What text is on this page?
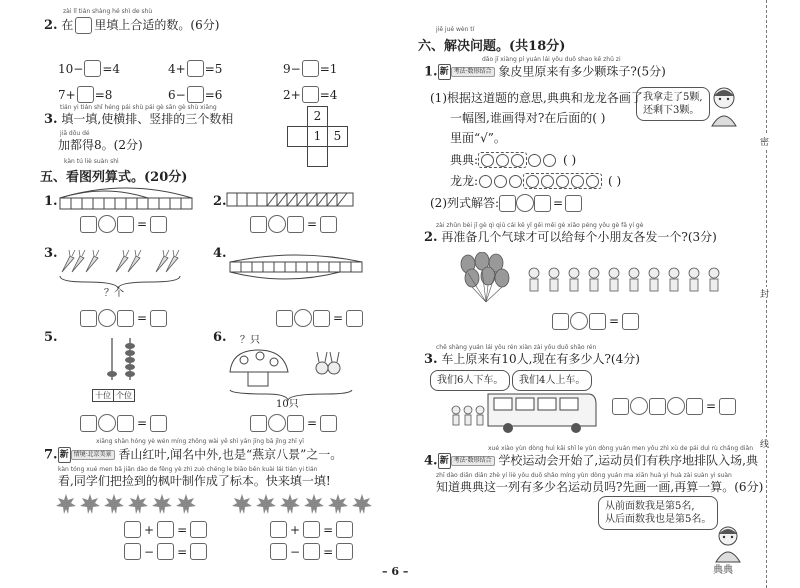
zài lǐ tián shàng hé shì de shù
2. 在 里填上合适的数。(6分)
10− =4	4+ =5	9− =1
7+ =8	6− =6	2+ =4
tián yi tián shǐ héng pái shù pái gè sān gè shù xiāng
3. 填一填,使横排、竖排的三个数相
jiā dōu dé
加都得8。(2分)
2
1	5
kàn tú liè suàn shì
五、看图列算式。(20分)
1.
=
2.
=
3.
？个
=
4.
=
5.
十位 个位
=
6. ？只
10只
=
xiāng shān hóng yè wén míng zhōng wài yě shì yān jīng bā jǐng zhī yī
7. 新 情境·北京美景 香山红叶,闻名中外,也是“燕京八景”之一。
kàn tóng xué men bǎ jiǎn dào de fēng yè zhì zuò chéng le biāo běn kuài lái tián yi tián
看,同学们把捡到的枫叶制作成了标本。快来填一填!
+ =
− =
+ =
− =
jiě jué wèn tí
六、解决问题。(共18分)
dǎo jī xiàng pí yuán lái yǒu duō shao kē zhū zi
1. 新 考法·数形结合 象皮里原来有多少颗珠子?(5分)
我拿走了5颗,
还剩下3颗。
(1)根据这道题的意思,典典和龙龙各画了
一幅图,谁画得对?在后面的( )
里面“√”。
典典:	( )
龙龙:	( )
(2)列式解答:	=
zài zhǔn bèi jǐ gè qì qiú cái kě yǐ gěi měi gè xiǎo péng yǒu gè fā yí gè
2. 再准备几个气球才可以给每个小朋友各发一个?(3分)
=
chē shàng yuán lái yǒu rén xiàn zài yǒu duō shǎo rén
3. 车上原来有10人,现在有多少人?(4分)
我们6人下车。	我们4人上车。
=
xué xiào yùn dòng huì kāi shǐ le yùn dòng yuán men yǒu zhì xù de pái duì rù chǎng diǎn
4. 新 考法·数形结合 学校运动会开始了,运动员们有秩序地排队入场,典
zhī dào diǎn diǎn zhè yí liè yǒu duō shǎo míng yùn dòng yuán ma xiān huà yi huà zài suàn yi suàn
知道典典这一列有多少名运动员吗?先画一画,再算一算。(6分)
从前面数我是第5名,
从后面数我也是第5名。
典典
– 6 –
密
封
线
